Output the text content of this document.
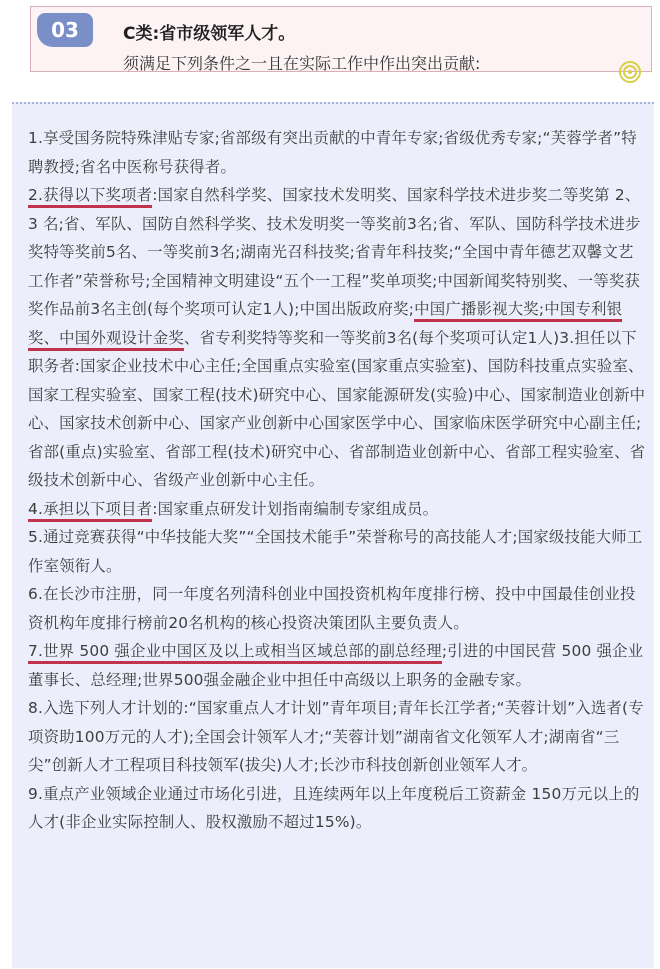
03	C类:省市级领军人才。
须满足下列条件之一且在实际工作中作出突出贡献:

1.享受国务院特殊津贴专家;省部级有突出贡献的中青年专家;省级优秀专家;“芙蓉学者”特聘教授;省名中医称号获得者。

2.获得以下奖项者:国家自然科学奖、国家技术发明奖、国家科学技术进步奖二等奖第 2、3 名;省、军队、国防自然科学奖、技术发明奖一等奖前3名;省、军队、国防科学技术进步奖特等奖前5名、一等奖前3名;湖南光召科技奖;省青年科技奖;“全国中青年德艺双馨文艺工作者”荣誉称号;全国精神文明建设“五个一工程”奖单项奖;中国新闻奖特别奖、一等奖获奖作品前3名主创(每个奖项可认定1人);中国出版政府奖;中国广播影视大奖;中国专利银奖、中国外观设计金奖、省专利奖特等奖和一等奖前3名(每个奖项可认定1人)3.担任以下职务者:国家企业技术中心主任;全国重点实验室(国家重点实验室)、国防科技重点实验室、国家工程实验室、国家工程(技术)研究中心、国家能源研发(实验)中心、国家制造业创新中心、国家技术创新中心、国家产业创新中心国家医学中心、国家临床医学研究中心副主任;省部(重点)实验室、省部工程(技术)研究中心、省部制造业创新中心、省部工程实验室、省级技术创新中心、省级产业创新中心主任。

4.承担以下项目者:国家重点研发计划指南编制专家组成员。

5.通过竞赛获得“中华技能大奖”“全国技术能手”荣誉称号的高技能人才;国家级技能大师工作室领衔人。

6.在长沙市注册，同一年度名列清科创业中国投资机构年度排行榜、投中中国最佳创业投资机构年度排行榜前20名机构的核心投资决策团队主要负责人。

7.世界 500 强企业中国区及以上或相当区域总部的副总经理;引进的中国民营 500 强企业董事长、总经理;世界500强金融企业中担任中高级以上职务的金融专家。

8.入选下列人才计划的:“国家重点人才计划”青年项目;青年长江学者;“芙蓉计划”入选者(专项资助100万元的人才);全国会计领军人才;“芙蓉计划”湖南省文化领军人才;湖南省“三尖”创新人才工程项目科技领军(拔尖)人才;长沙市科技创新创业领军人才。

9.重点产业领域企业通过市场化引进，且连续两年以上年度税后工资薪金 150万元以上的人才(非企业实际控制人、股权激励不超过15%)。
